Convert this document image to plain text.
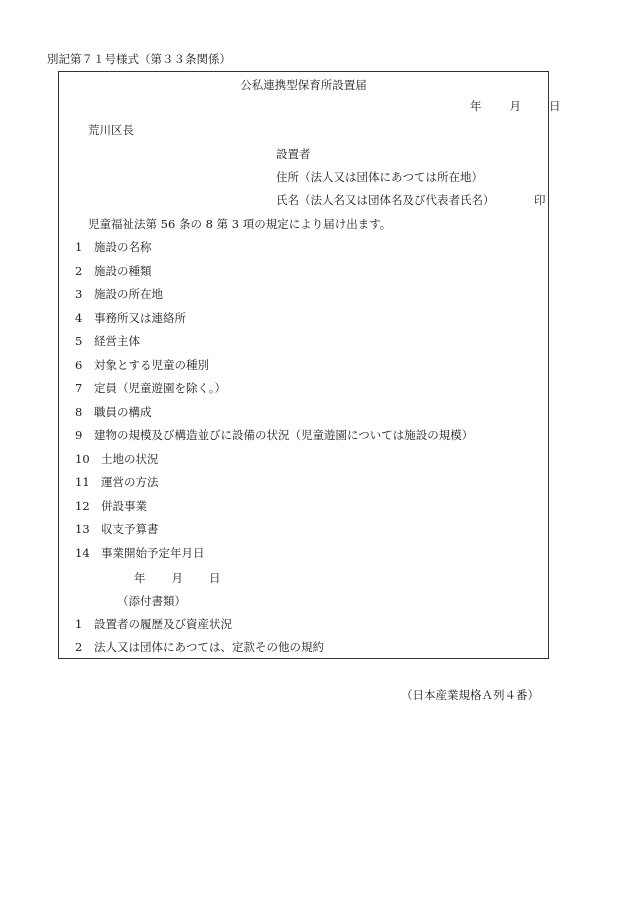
別記第７１号様式（第３３条関係）
公私連携型保育所設置届
年 月 日
荒川区長
設置者
住所（法人又は団体にあつては所在地）
氏名（法人名又は団体名及び代表者氏名）	印
児童福祉法第 56 条の 8 第 3 項の規定により届け出ます。
1 施設の名称
2 施設の種類
3 施設の所在地
4 事務所又は連絡所
5 経営主体
6 対象とする児童の種別
7 定員（児童遊園を除く。）
8 職員の構成
9 建物の規模及び構造並びに設備の状況（児童遊園については施設の規模）
10 土地の状況
11 運営の方法
12 併設事業
13 収支予算書
14 事業開始予定年月日
年 月 日
（添付書類）
1 設置者の履歴及び資産状況
2 法人又は団体にあつては、定款その他の規約
（日本産業規格Ａ列４番）
